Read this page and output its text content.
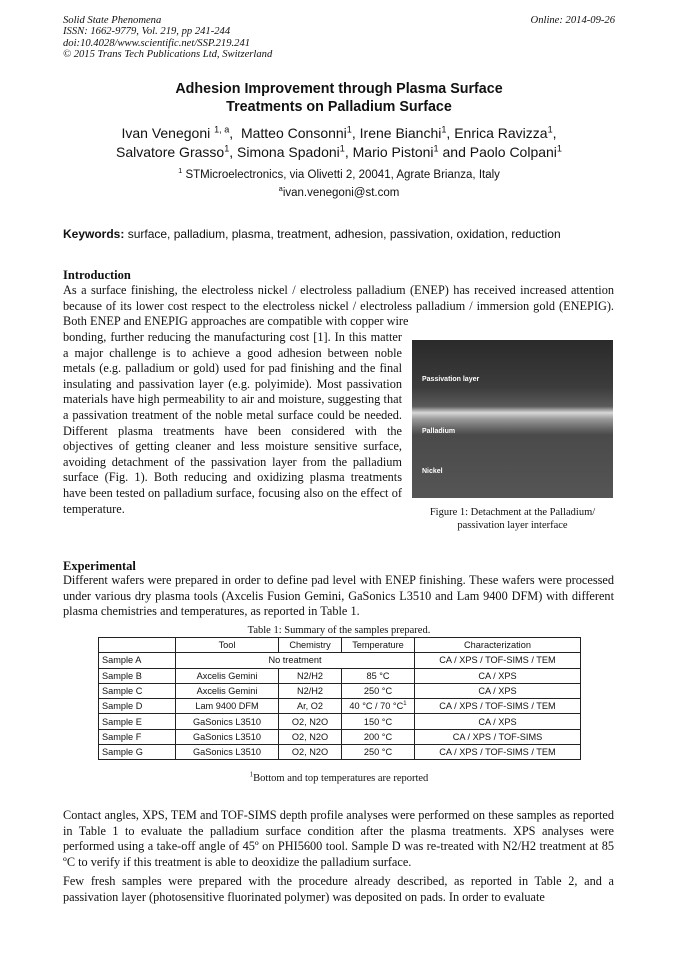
Solid State Phenomena
ISSN: 1662-9779, Vol. 219, pp 241-244
doi:10.4028/www.scientific.net/SSP.219.241
© 2015 Trans Tech Publications Ltd, Switzerland
Online: 2014-09-26
Adhesion Improvement through Plasma Surface
Treatments on Palladium Surface
Ivan Venegoni $^{1, a}$,  Matteo Consonni$^1$, Irene Bianchi$^1$, Enrica Ravizza$^1$,
Salvatore Grasso$^1$, Simona Spadoni$^1$, Mario Pistoni$^1$ and Paolo Colpani$^1$
$^1$ STMicroelectronics, via Olivetti 2, 20041, Agrate Brianza, Italy
$^a$ivan.venegoni@st.com
Keywords: surface, palladium, plasma, treatment, adhesion, passivation, oxidation, reduction
Introduction
As a surface finishing, the electroless nickel / electroless palladium (ENEP) has received increased attention because of its lower cost respect to the electroless nickel / electroless palladium / immersion gold (ENEPIG). Both ENEP and ENEPIG approaches are compatible with copper wire
bonding, further reducing the manufacturing cost [1]. In this matter a major challenge is to achieve a good adhesion between noble metals (e.g. palladium or gold) used for pad finishing and the final insulating and passivation layer (e.g. polyimide). Most passivation materials have high permeability to air and moisture, suggesting that a passivation treatment of the noble metal surface could be needed. Different plasma treatments have been considered with the objectives of getting cleaner and less moisture sensitive surface, avoiding detachment of the passivation layer from the palladium surface (Fig. 1). Both reducing and oxidizing plasma treatments have been tested on palladium surface, focusing also on the effect of temperature.
Passivation layer
Palladium
Nickel
Figure 1: Detachment at the Palladium/ passivation layer interface
Experimental
Different wafers were prepared in order to define pad level with ENEP finishing. These wafers were processed under various dry plasma tools (Axcelis Fusion Gemini, GaSonics L3510 and Lam 9400 DFM) with different plasma chemistries and temperatures, as reported in Table 1.
Table 1: Summary of the samples prepared.
	Tool	Chemistry	Temperature	Characterization
Sample A	No treatment			CA / XPS / TOF-SIMS / TEM
Sample B	Axcelis Gemini	N2/H2	85 °C	CA / XPS
Sample C	Axcelis Gemini	N2/H2	250 °C	CA / XPS
Sample D	Lam 9400 DFM	Ar, O2	40 °C / 70 $^\circ C^1$	CA / XPS / TOF-SIMS / TEM
Sample E	GaSonics L3510	O2, N2O	150 °C	CA / XPS
Sample F	GaSonics L3510	O2, N2O	200 °C	CA / XPS / TOF-SIMS
Sample G	GaSonics L3510	O2, N2O	250 °C	CA / XPS / TOF-SIMS / TEM
$^1$Bottom and top temperatures are reported
Contact angles, XPS, TEM and TOF-SIMS depth profile analyses were performed on these samples as reported in Table 1 to evaluate the palladium surface condition after the plasma treatments. XPS analyses were performed using a take-off angle of 45º on PHI5600 tool. Sample D was re-treated with N2/H2 treatment at 85 ºC to verify if this treatment is able to deoxidize the palladium surface.
Few fresh samples were prepared with the procedure already described, as reported in Table 2, and a passivation layer (photosensitive fluorinated polymer) was deposited on pads. In order to evaluate
